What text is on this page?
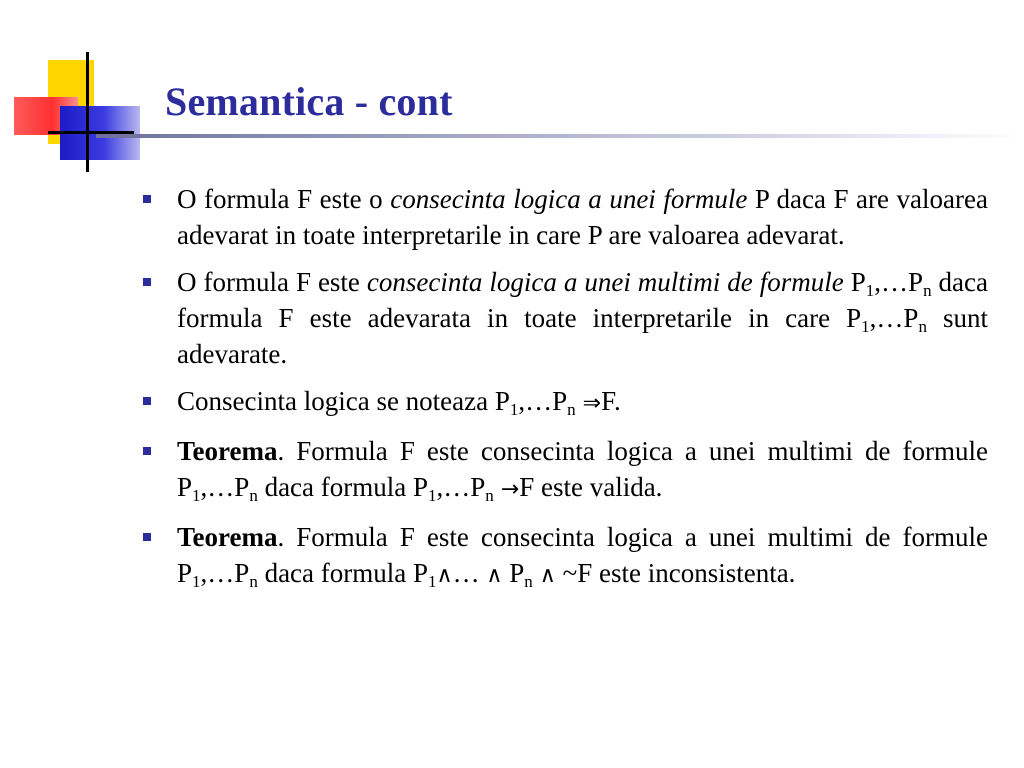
Semantica - cont
O formula F este o consecinta logica a unei formule P daca F are valoarea adevarat in toate interpretarile in care P are valoarea adevarat.
O formula F este consecinta logica a unei multimi de formule $P_1,\dots P_n$ daca formula F este adevarata in toate interpretarile in care $P_1,\dots P_n$ sunt adevarate.
Consecinta logica se noteaza $P_1,\dots P_n$ ⇒F.
Teorema. Formula F este consecinta logica a unei multimi de formule $P_1,\dots P_n$ daca formula $P_1,\dots P_n \to F$ este valida.
Teorema. Formula F este consecinta logica a unei multimi de formule $P_1,\dots P_n$ daca formula $P_1\wedge\dots$ ∧ $P_n$ ∧ ~F este inconsistenta.
